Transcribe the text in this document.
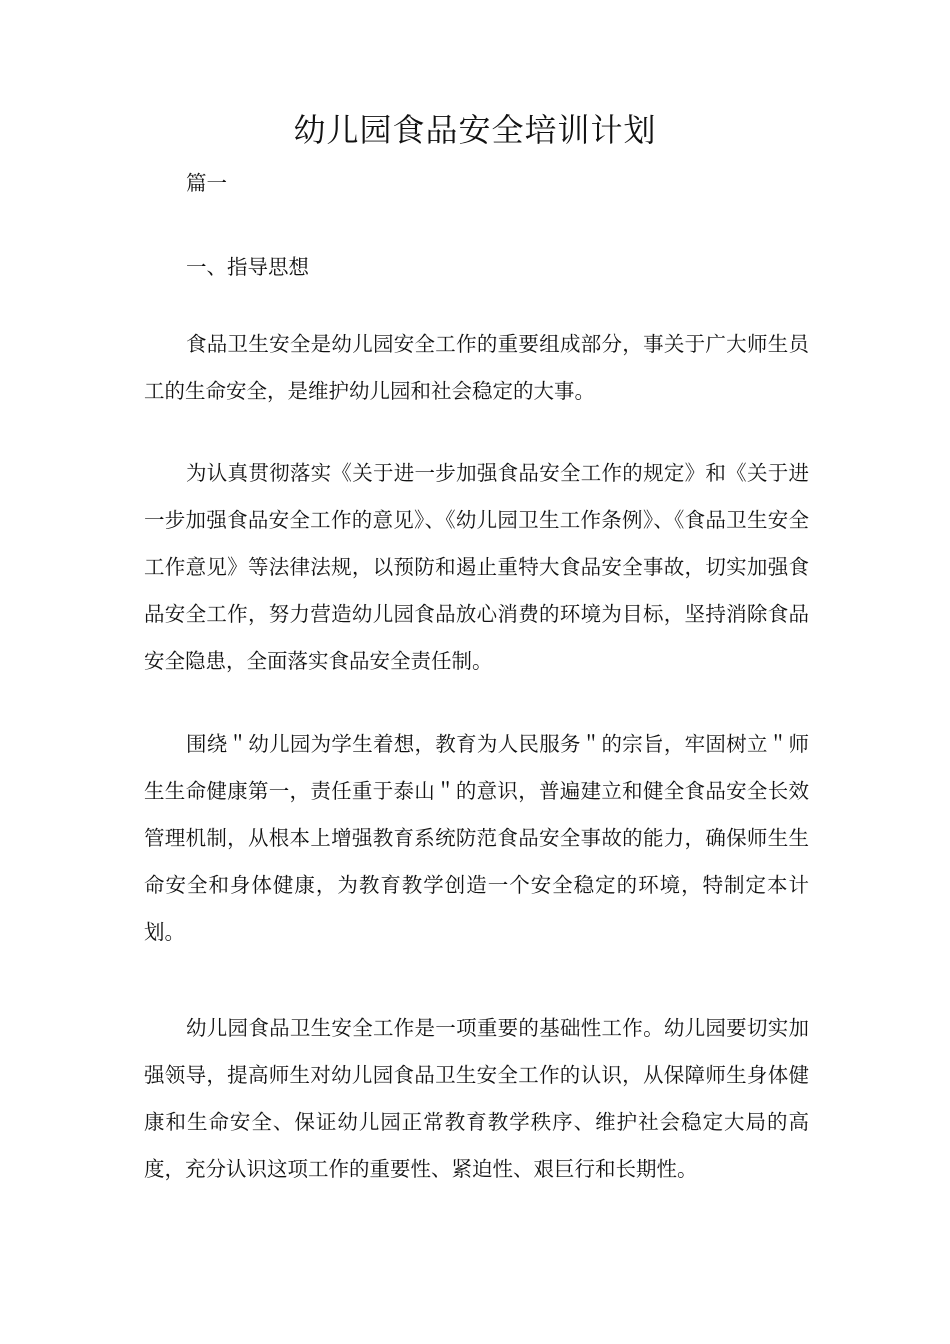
幼儿园食品安全培训计划

篇一

一、指导思想

食品卫生安全是幼儿园安全工作的重要组成部分，事关于广大师生员工的生命安全，是维护幼儿园和社会稳定的大事。

为认真贯彻落实《关于进一步加强食品安全工作的规定》和《关于进一步加强食品安全工作的意见》、《幼儿园卫生工作条例》、《食品卫生安全工作意见》等法律法规，以预防和遏止重特大食品安全事故，切实加强食品安全工作，努力营造幼儿园食品放心消费的环境为目标，坚持消除食品安全隐患，全面落实食品安全责任制。

围绕＂幼儿园为学生着想，教育为人民服务＂的宗旨，牢固树立＂师生生命健康第一，责任重于泰山＂的意识，普遍建立和健全食品安全长效管理机制，从根本上增强教育系统防范食品安全事故的能力，确保师生生命安全和身体健康，为教育教学创造一个安全稳定的环境，特制定本计划。

幼儿园食品卫生安全工作是一项重要的基础性工作。幼儿园要切实加强领导，提高师生对幼儿园食品卫生安全工作的认识，从保障师生身体健康和生命安全、保证幼儿园正常教育教学秩序、维护社会稳定大局的高度，充分认识这项工作的重要性、紧迫性、艰巨行和长期性。
